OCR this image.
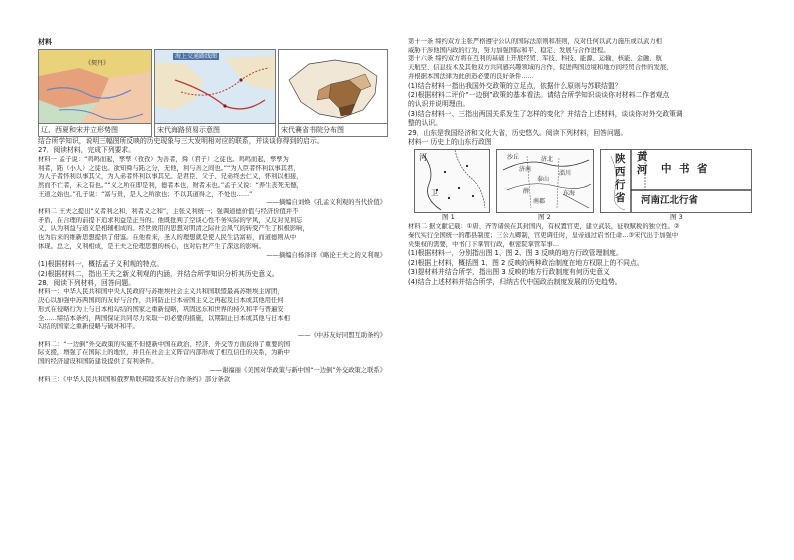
材料
《契丹》
辽、西夏和宋并立形势图
海上交通路线图
宋代海路贸易示意图	宋代賽省书院分布图

结合所学知识，说明三幅图所反映的历史现象与三大发明相对应的联系，并谈谈你得到的启示。

27．阅读材料，完成下列要求。

材料一 孟子说：“鸡鸣而起，孳孳（孜孜）为善者，舜（君子）之徒也。鸡鸣而起，孳孳为

利者，跖（小人）之徒也。欲知舜与跖之分，无他，利与善之间也。”“为人臣者怀利以事其君，

为人子者怀利以事其父，为人弟者怀利以事其兄。是君臣、父子、兄弟终去仁义，怀利以相接，

然而不亡者，未之有也。”“义之所在即是利，德者本也，财者末也。”孟子又说：“养生丧死无憾，

王道之始也。”孔子说：“富与贵，是人之所欲也；不以其道得之，不处也……”

——摘编自刘焕《孔孟义利观的当代价值》

材料二 王夫之提出“义者利之和，利者义之和”，主张义利统一；强调道德价值与经济价值并不

矛盾，在合理的前提下追求利益是正当的。他既批判了空谈心性不务实际的学风，又反对见利忘

义，认为利益与道义是相辅相成的。经世致用的思想对明清之际社会风气的转变产生了积极影响，

也为后来的维新思想提供了借鉴。在他看来，圣人的理想就是使人民生活富裕，而道德则从中

体现。总之，义利相成，是王夫之伦理思想的核心，也对后世产生了深远的影响。

——摘编自杨泽译《略论王夫之的义利观》

(1)根据材料一，概括孟子义利观的特点。

(2)根据材料二，指出王夫之新义利观的内涵，并结合所学知识分析其历史意义。

28．阅读下列材料，回答问题。

材料一：中华人民共和国中央人民政府与苏维埃社会主义共和国联盟最高苏维埃主席团，

决心以加强中苏两国间的友好与合作，共同防止日本帝国主义之再起及日本或其他用任何

形式在侵略行为上与日本相勾结的国家之重新侵略，巩固远东和世界的持久和平与普遍安

全……缔结本条约，两国保证共同尽力采取一切必要的措施，以期制止日本或其他与日本相

勾结的国家之重新侵略与破坏和平。

——《中苏友好同盟互助条约》

材料二：“一边倒”外交政策的实施不但使新中国在政治、经济、外交等方面获得了重要的国

际支援，增强了在国际上的地位，并且在社会主义阵营内部形成了相互信任的关系，为新中

国的经济建设和国防建设提供了有利条件。

——谢福丽《美国对华政策与新中国“一边倒”外交政策之联系》

材料三：《中华人民共和国和俄罗斯联邦睦邻友好合作条约》部分条款

第十一条 缔约双方主张严格遵守公认的国际法原则和准则，反对任何以武力施压或以武力相

威胁干涉他国内政的行为，努力加强国际和平、稳定、发展与合作进程。

第十六条 缔约双方将在互利的基础上开展经贸、军技、科技、能源、运输、核能、金融、航

天航空、信息技术及其他双方共同感兴趣领域的合作，促进两国边境和地方间经贸合作的发展，

并根据本国法律为此创造必要的良好条件……

(1)结合材料一指出我国外交政策的立足点，依据什么原则与苏联结盟？

(2)根据材料二评价“一边倒”政策的基本看法。请结合所学知识谈谈你对材料二作者观点

的认识并说明理由。

(3)结合材料一、三指出两国关系发生了怎样的变化？并结合上述材料，谈谈你对外交政策调

整的认识。

29．山东是我国经济和文化大省，历史悠久。阅读下列材料，回答问题。

材料一 历史上的山东行政图

河
卫
图 1
济南
沙丘	济北
淄川
泰山
薛
南郡
东海
图 2
陕
西
行
省
黄
河 中 书 省
河南江北行省
图 3

材料二 据文献记载：①唐、齐等诸侯在其封国内，有权置官吏，建立武装，征收赋税的独立性。②

秦代实行全国统一的郡县制度；三公九卿制，官吏调任时，皇帝通过诏书任命…③宋代出于加强中

央集权的需要，中书门下掌管行政，枢密院掌管军事…

(1)根据材料一，分别指出图 1、图 2、图 3 反映的地方行政管理制度。

(2)根据上材料，概括图 1、图 2 反映的两种政治制度在地方权限上的不同点。

(3)提材料并结合所学，指出图 3 反映的地方行政制度有何历史意义

(4)结合上述材料并结合所学，归纳古代中国政治制度发展的历史趋势。
